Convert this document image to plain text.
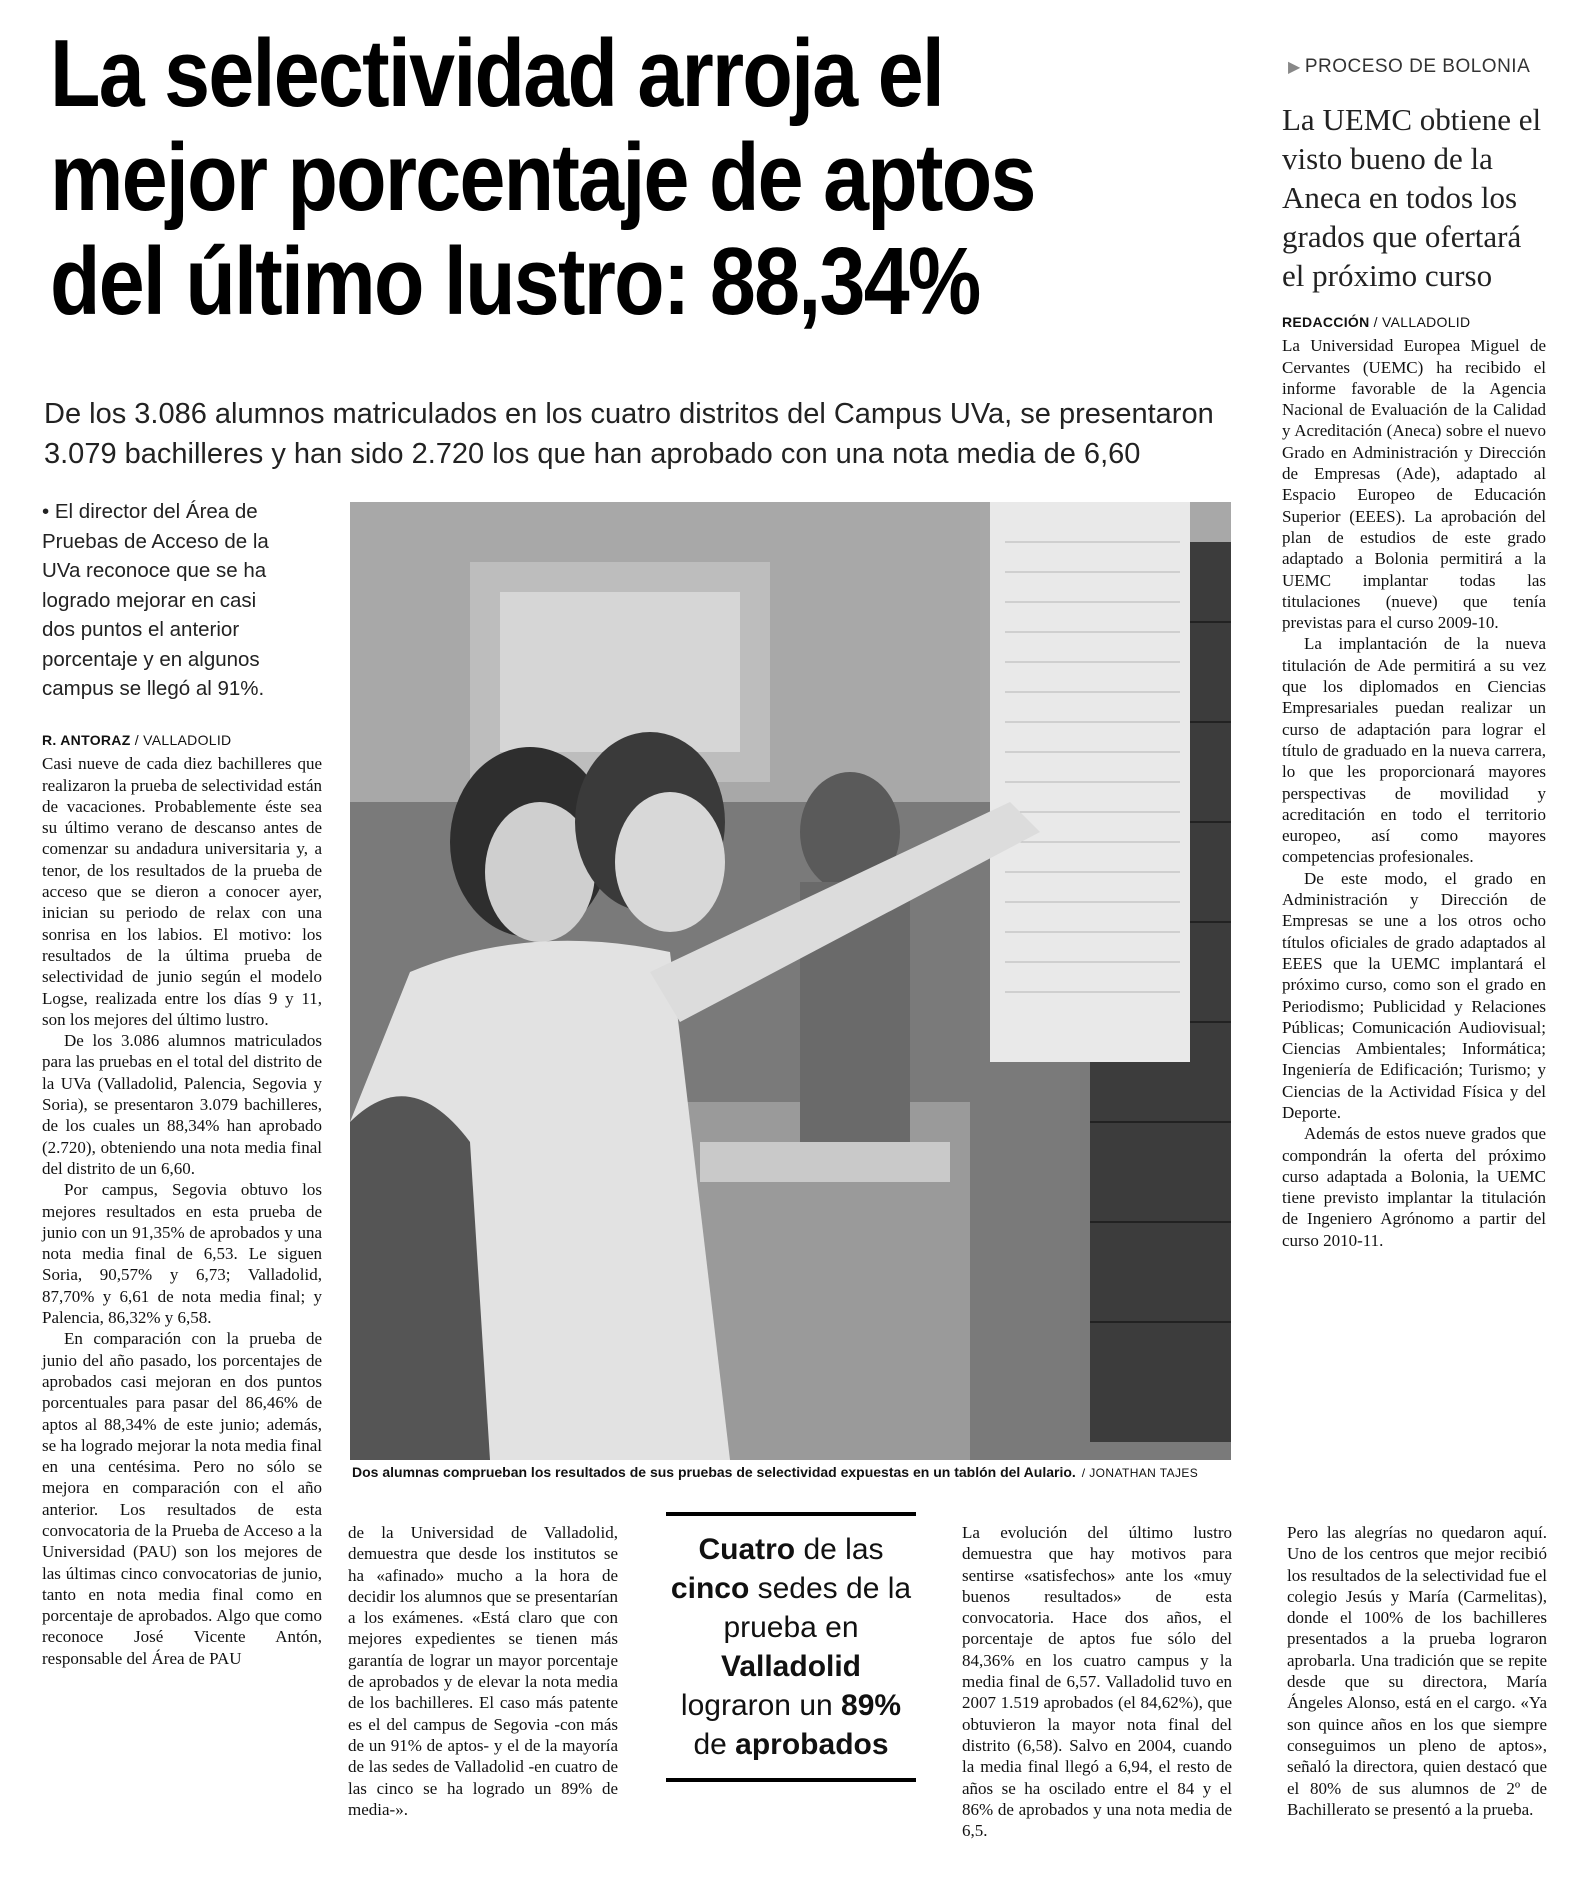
La selectividad arroja el
mejor porcentaje de aptos
del último lustro: 88,34%

De los 3.086 alumnos matriculados en los cuatro distritos del Campus UVa, se presentaron 3.079 bachilleres y han sido 2.720 los que han aprobado con una nota media de 6,60

▶ PROCESO DE BOLONIA
La UEMC obtiene el visto bueno de la Aneca en todos los grados que ofertará el próximo curso
REDACCIÓN / VALLADOLID

La Universidad Europea Miguel de Cervantes (UEMC) ha recibido el informe favorable de la Agencia Nacional de Evaluación de la Calidad y Acreditación (Aneca) sobre el nuevo Grado en Administración y Dirección de Empresas (Ade), adaptado al Espacio Europeo de Educación Superior (EEES). La aprobación del plan de estudios de este grado adaptado a Bolonia permitirá a la UEMC implantar todas las titulaciones (nueve) que tenía previstas para el curso 2009-10.

La implantación de la nueva titulación de Ade permitirá a su vez que los diplomados en Ciencias Empresariales puedan realizar un curso de adaptación para lograr el título de graduado en la nueva carrera, lo que les proporcionará mayores perspectivas de movilidad y acreditación en todo el territorio europeo, así como mayores competencias profesionales.

De este modo, el grado en Administración y Dirección de Empresas se une a los otros ocho títulos oficiales de grado adaptados al EEES que la UEMC implantará el próximo curso, como son el grado en Periodismo; Publicidad y Relaciones Públicas; Comunicación Audiovisual; Ciencias Ambientales; Informática; Ingeniería de Edificación; Turismo; y Ciencias de la Actividad Física y del Deporte.

Además de estos nueve grados que compondrán la oferta del próximo curso adaptada a Bolonia, la UEMC tiene previsto implantar la titulación de Ingeniero Agrónomo a partir del curso 2010-11.

• El director del Área de Pruebas de Acceso de la UVa reconoce que se ha logrado mejorar en casi dos puntos el anterior porcentaje y en algunos campus se llegó al 91%.
R. ANTORAZ / VALLADOLID

Casi nueve de cada diez bachilleres que realizaron la prueba de selectividad están de vacaciones. Probablemente éste sea su último verano de descanso antes de comenzar su andadura universitaria y, a tenor, de los resultados de la prueba de acceso que se dieron a conocer ayer, inician su periodo de relax con una sonrisa en los labios. El motivo: los resultados de la última prueba de selectividad de junio según el modelo Logse, realizada entre los días 9 y 11, son los mejores del último lustro.

De los 3.086 alumnos matriculados para las pruebas en el total del distrito de la UVa (Valladolid, Palencia, Segovia y Soria), se presentaron 3.079 bachilleres, de los cuales un 88,34% han aprobado (2.720), obteniendo una nota media final del distrito de un 6,60.

Por campus, Segovia obtuvo los mejores resultados en esta prueba de junio con un 91,35% de aprobados y una nota media final de 6,53. Le siguen Soria, 90,57% y 6,73; Valladolid, 87,70% y 6,61 de nota media final; y Palencia, 86,32% y 6,58.

En comparación con la prueba de junio del año pasado, los porcentajes de aprobados casi mejoran en dos puntos porcentuales para pasar del 86,46% de aptos al 88,34% de este junio; además, se ha logrado mejorar la nota media final en una centésima. Pero no sólo se mejora en comparación con el año anterior. Los resultados de esta convocatoria de la Prueba de Acceso a la Universidad (PAU) son los mejores de las últimas cinco convocatorias de junio, tanto en nota media final como en porcentaje de aprobados. Algo que como reconoce José Vicente Antón, responsable del Área de PAU

Dos alumnas comprueban los resultados de sus pruebas de selectividad expuestas en un tablón del Aulario. / JONATHAN TAJES

de la Universidad de Valladolid, demuestra que desde los institutos se ha «afinado» mucho a la hora de decidir los alumnos que se presentarían a los exámenes. «Está claro que con mejores expedientes se tienen más garantía de lograr un mayor porcentaje de aprobados y de elevar la nota media de los bachilleres. El caso más patente es el del campus de Segovia -con más de un 91% de aptos- y el de la mayoría de las sedes de Valladolid -en cuatro de las cinco se ha logrado un 89% de media-».

Cuatro de las cinco sedes de la prueba en Valladolid lograron un 89% de aprobados

La evolución del último lustro demuestra que hay motivos para sentirse «satisfechos» ante los «muy buenos resultados» de esta convocatoria. Hace dos años, el porcentaje de aptos fue sólo del 84,36% en los cuatro campus y la media final de 6,57. Valladolid tuvo en 2007 1.519 aprobados (el 84,62%), que obtuvieron la mayor nota final del distrito (6,58). Salvo en 2004, cuando la media final llegó a 6,94, el resto de años se ha oscilado entre el 84 y el 86% de aprobados y una nota media de 6,5.

Pero las alegrías no quedaron aquí. Uno de los centros que mejor recibió los resultados de la selectividad fue el colegio Jesús y María (Carmelitas), donde el 100% de los bachilleres presentados a la prueba lograron aprobarla. Una tradición que se repite desde que su directora, María Ángeles Alonso, está en el cargo. «Ya son quince años en los que siempre conseguimos un pleno de aptos», señaló la directora, quien destacó que el 80% de sus alumnos de 2º de Bachillerato se presentó a la prueba.
